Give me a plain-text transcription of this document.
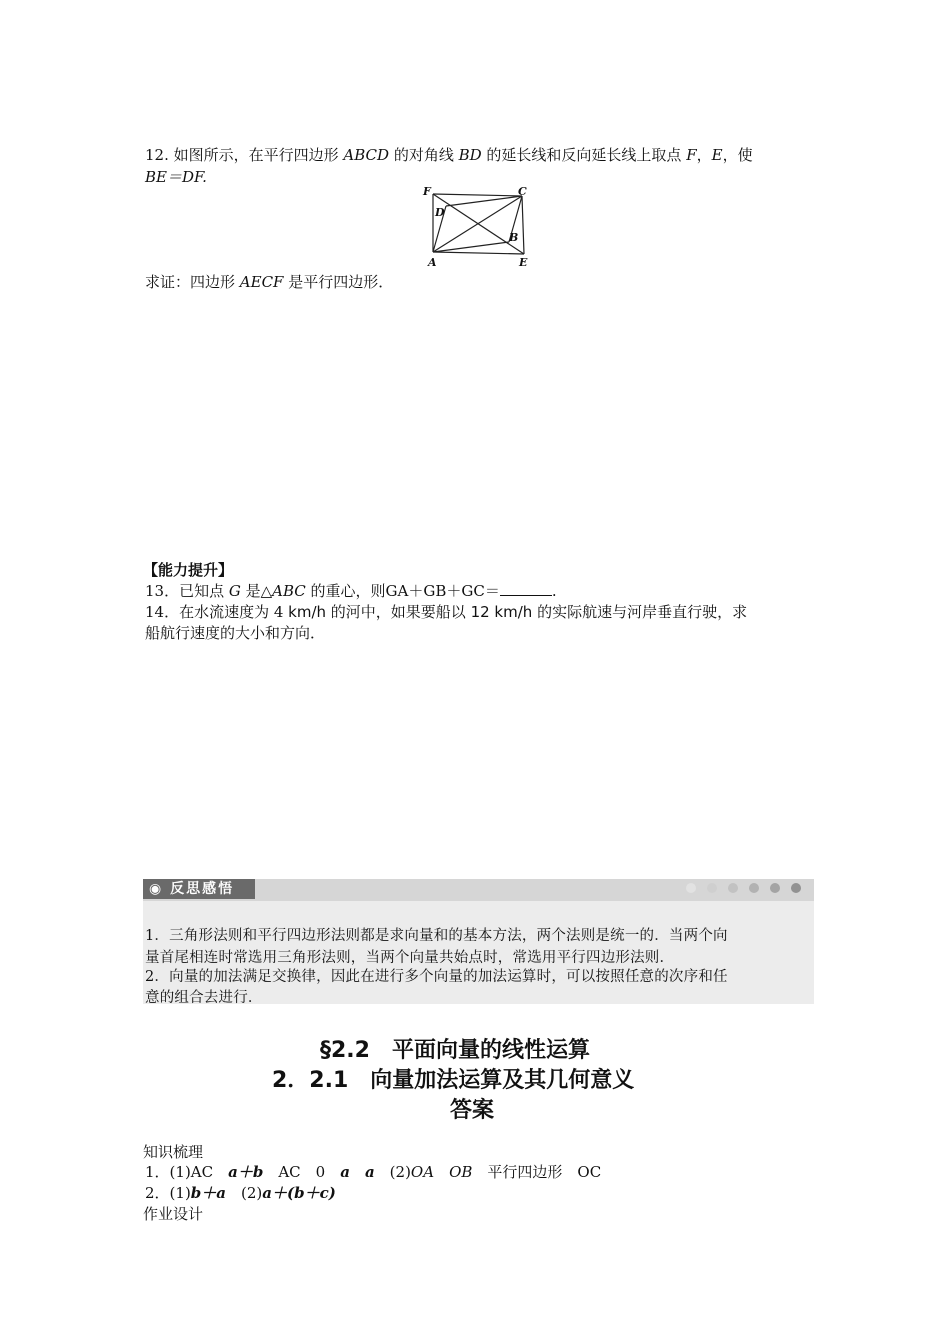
12. 如图所示，在平行四边形 ABCD 的对角线 BD 的延长线和反向延长线上取点 F，E，使
BE＝DF.
F	C
D
B
A	E
求证：四边形 AECF 是平行四边形．
【能力提升】
13．已知点 G 是△ABC 的重心，则GA＋GB＋GC＝	.
14．在水流速度为 4 km/h 的河中，如果要船以 12 km/h 的实际航速与河岸垂直行驶，求
船航行速度的大小和方向．
◉ 反思感悟
1．三角形法则和平行四边形法则都是求向量和的基本方法，两个法则是统一的．当两个向
量首尾相连时常选用三角形法则，当两个向量共始点时，常选用平行四边形法则．
2．向量的加法满足交换律，因此在进行多个向量的加法运算时，可以按照任意的次序和任
意的组合去进行．
§2.2　平面向量的线性运算
2．2.1　向量加法运算及其几何意义
答案
知识梳理
1．(1)AC　a＋b　AC　0　a　 a　(2)OA　 OB　平行四边形　OC
2．(1)b＋a　(2)a＋(b＋c)
作业设计
